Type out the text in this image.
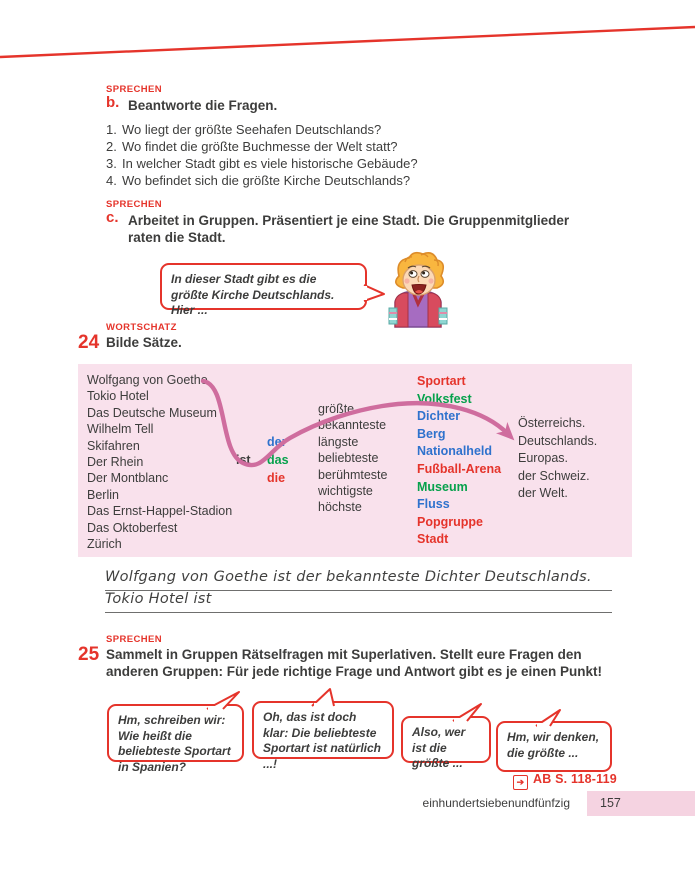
SPRECHEN
b. Beantworte die Fragen.
1. Wo liegt der größte Seehafen Deutschlands?
2. Wo findet die größte Buchmesse der Welt statt?
3. In welcher Stadt gibt es viele historische Gebäude?
4. Wo befindet sich die größte Kirche Deutschlands?
SPRECHEN
c. Arbeitet in Gruppen. Präsentiert je eine Stadt. Die Gruppenmitglieder
raten die Stadt.
In dieser Stadt gibt es die größte Kirche Deutschlands. Hier ...
WORTSCHATZ
24 Bilde Sätze.
Wolfgang von Goethe
Tokio Hotel
Das Deutsche Museum
Wilhelm Tell
Skifahren
Der Rhein
Der Montblanc
Berlin
Das Ernst-Happel-Stadion
Das Oktoberfest
Zürich
ist
der
das
die
größte
bekannteste
längste
beliebteste
berühmteste
wichtigste
höchste
Sportart
Volksfest
Dichter
Berg
Nationalheld
Fußball-Arena
Museum
Fluss
Popgruppe
Stadt
Österreichs.
Deutschlands.
Europas.
der Schweiz.
der Welt.
Wolfgang von Goethe ist der bekannteste Dichter Deutschlands.
Tokio Hotel ist
SPRECHEN
25 Sammelt in Gruppen Rätselfragen mit Superlativen. Stellt eure Fragen den
anderen Gruppen: Für jede richtige Frage und Antwort gibt es je einen Punkt!
Hm, schreiben wir: Wie heißt die beliebteste Sportart in Spanien?
Oh, das ist doch klar: Die beliebteste Sportart ist natürlich ...!
Also, wer ist die größte ...
Hm, wir denken, die größte ...
➔ AB S. 118-119
einhundertsiebenundfünfzig	157
